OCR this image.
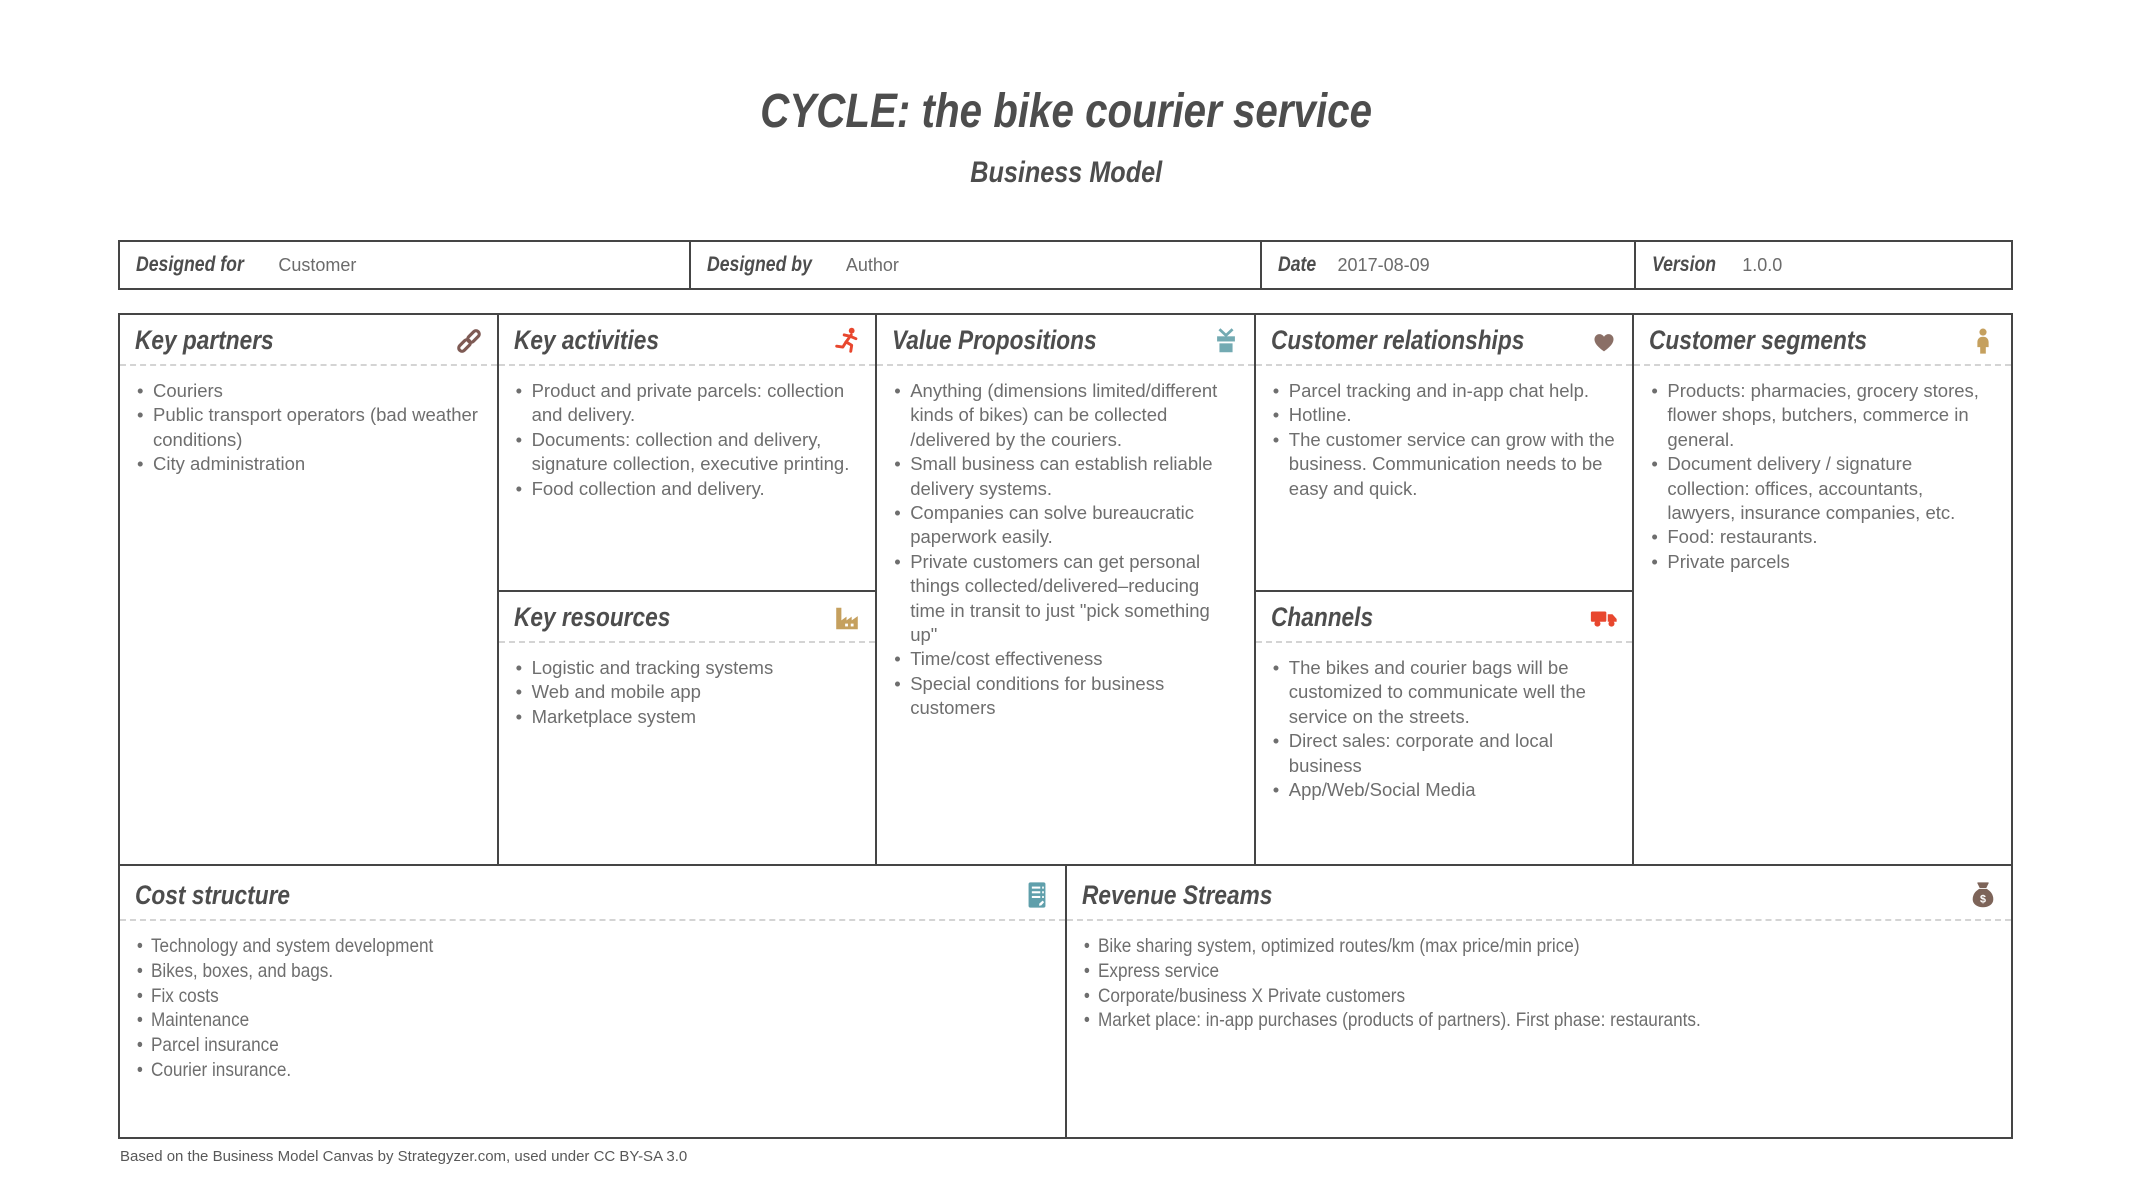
CYCLE: the bike courier service
Business Model
Designed for Customer	Designed by Author	Date 2017-08-09	Version 1.0.0
Key partners
• Couriers
• Public transport operators (bad weather conditions)
• City administration
Key activities
• Product and private parcels: collection and delivery.
• Documents: collection and delivery, signature collection, executive printing.
• Food collection and delivery.
Key resources
• Logistic and tracking systems
• Web and mobile app
• Marketplace system
Value Propositions
• Anything (dimensions limited/different kinds of bikes) can be collected /delivered by the couriers.
• Small business can establish reliable delivery systems.
• Companies can solve bureaucratic paperwork easily.
• Private customers can get personal things collected/delivered–reducing time in transit to just "pick something up"
• Time/cost effectiveness
• Special conditions for business customers
Customer relationships
• Parcel tracking and in-app chat help.
• Hotline.
• The customer service can grow with the business. Communication needs to be easy and quick.
Channels
• The bikes and courier bags will be customized to communicate well the service on the streets.
• Direct sales: corporate and local business
• App/Web/Social Media
Customer segments
• Products: pharmacies, grocery stores, flower shops, butchers, commerce in general.
• Document delivery / signature collection: offices, accountants, lawyers, insurance companies, etc.
• Food: restaurants.
• Private parcels
Cost structure
• Technology and system development
• Bikes, boxes, and bags.
• Fix costs
• Maintenance
• Parcel insurance
• Courier insurance.
Revenue Streams	$
• Bike sharing system, optimized routes/km (max price/min price)
• Express service
• Corporate/business X Private customers
• Market place: in-app purchases (products of partners). First phase: restaurants.
Based on the Business Model Canvas by Strategyzer.com, used under CC BY-SA 3.0
